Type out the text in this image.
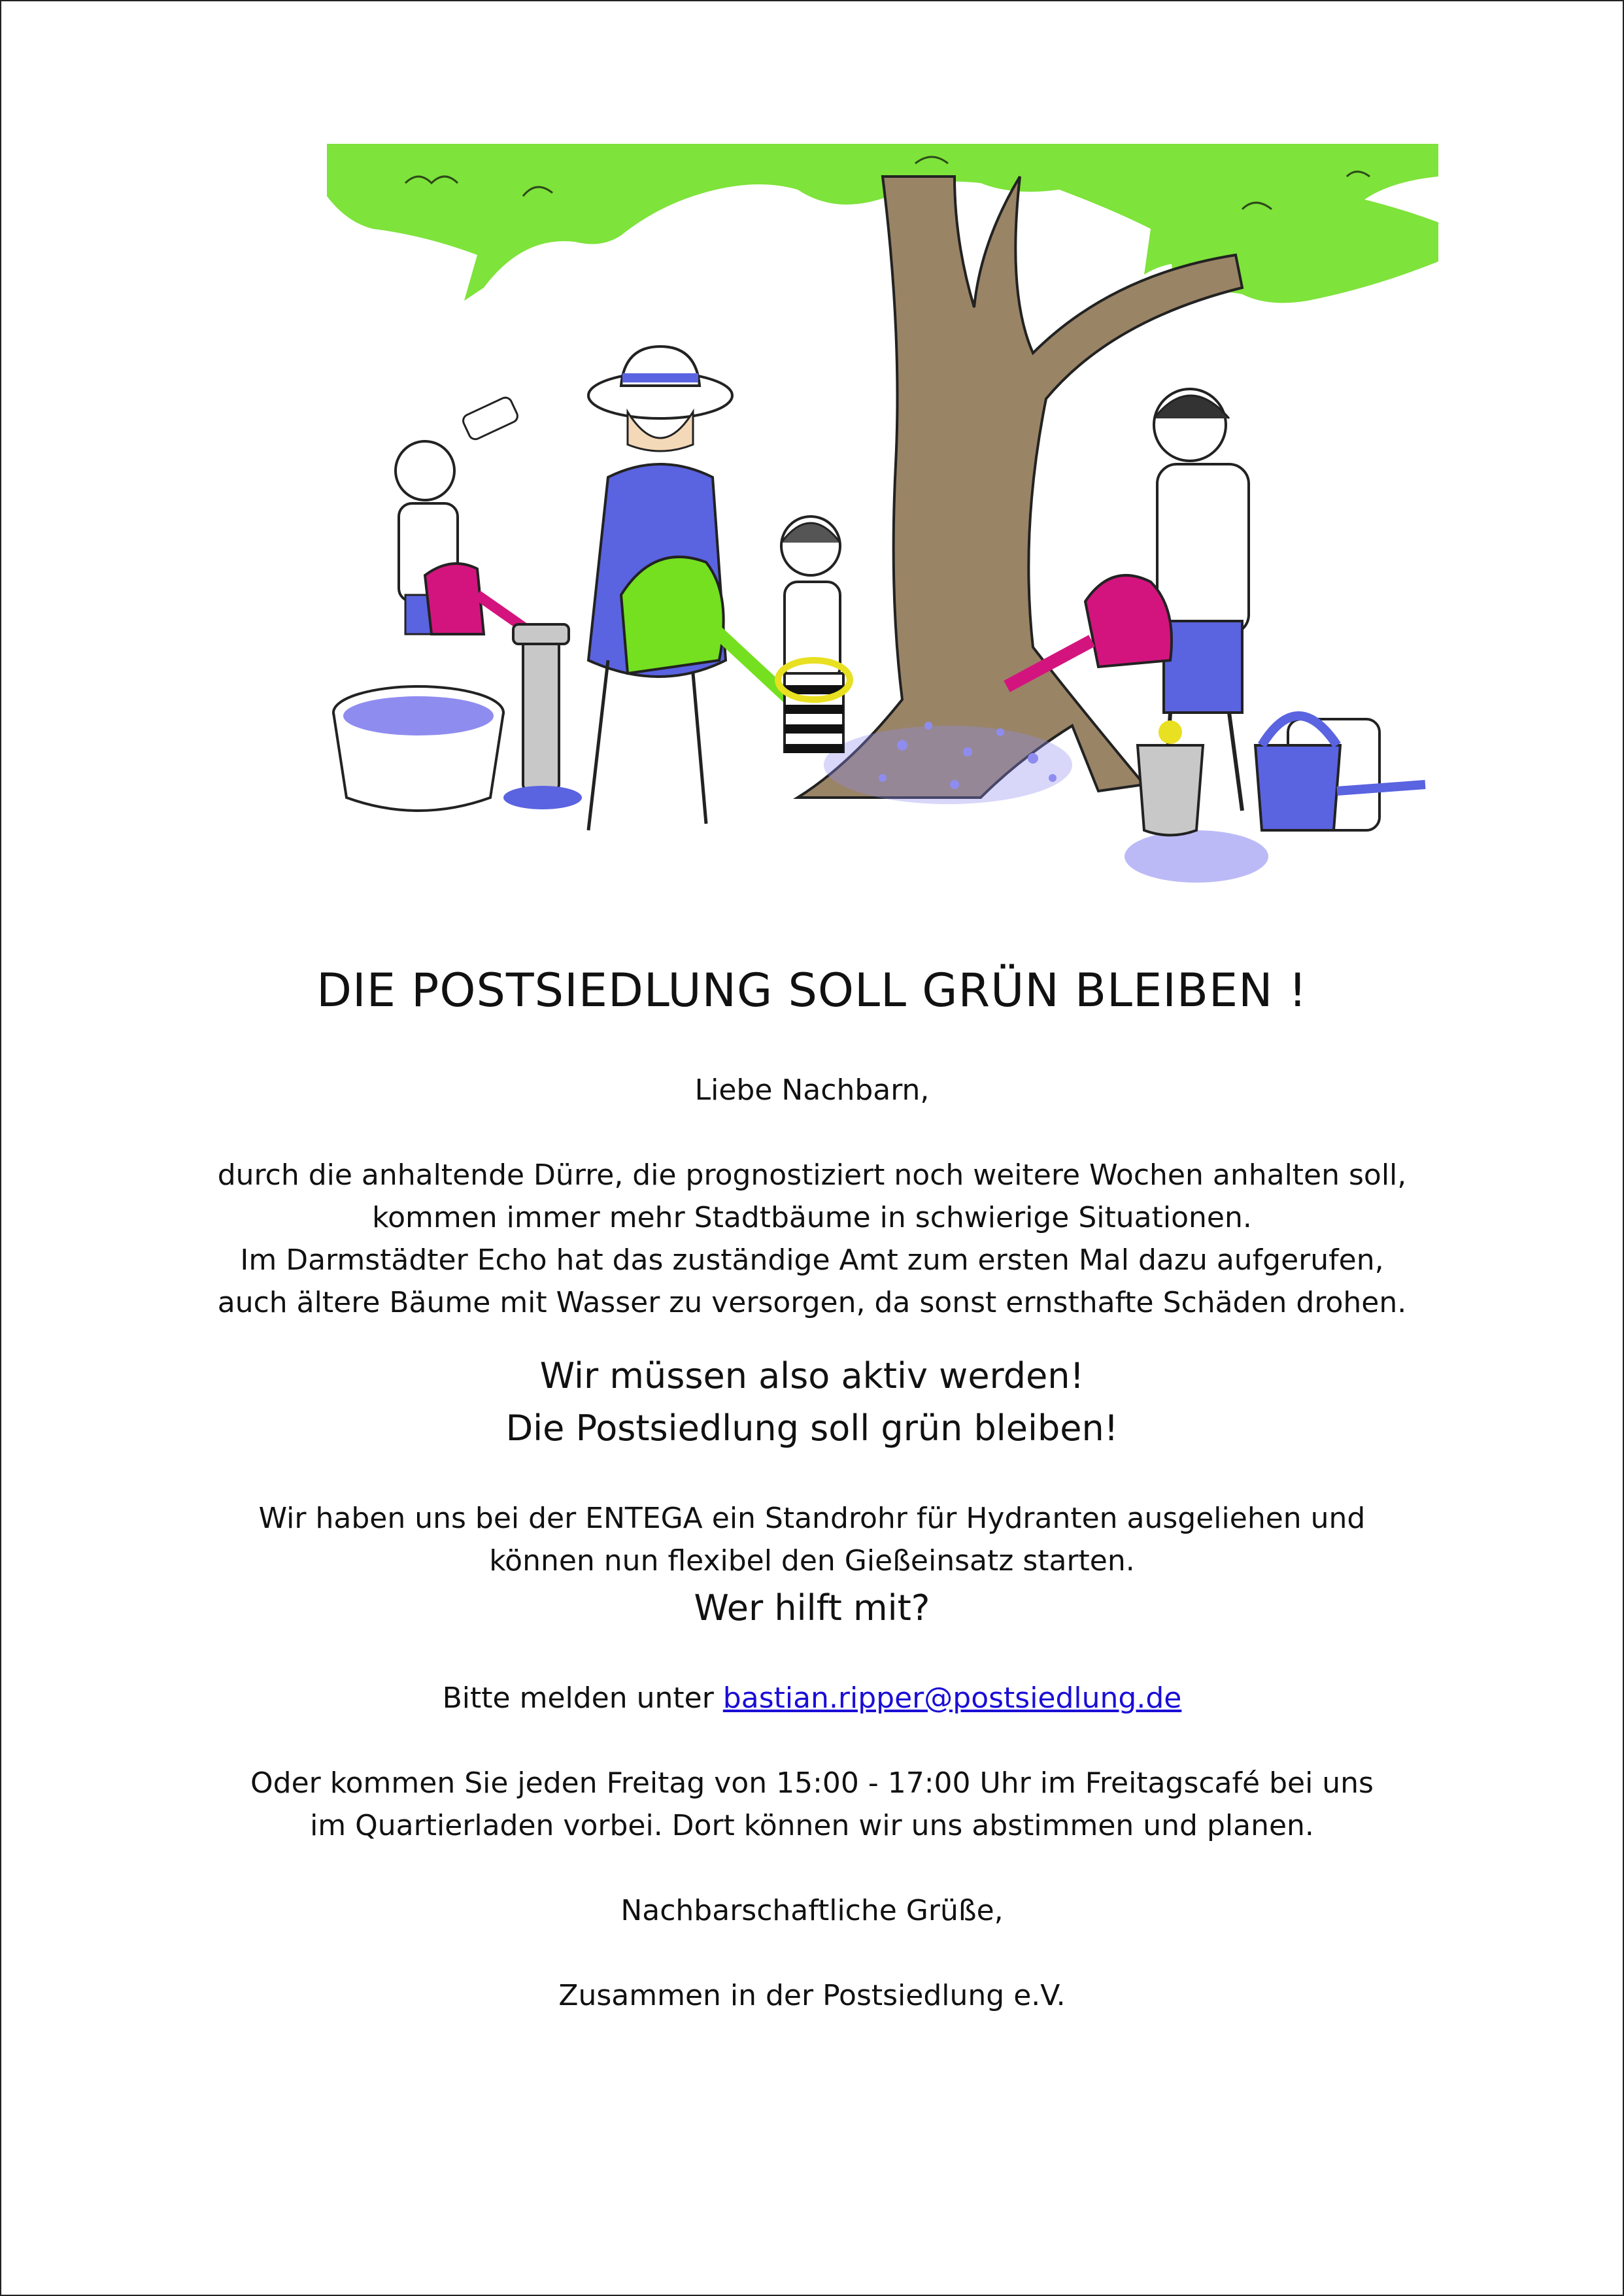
DIE POSTSIEDLUNG SOLL GRÜN BLEIBEN !

Liebe Nachbarn,

durch die anhaltende Dürre, die prognostiziert noch weitere Wochen anhalten soll,

kommen immer mehr Stadtbäume in schwierige Situationen.

Im Darmstädter Echo hat das zuständige Amt zum ersten Mal dazu aufgerufen,

auch ältere Bäume mit Wasser zu versorgen, da sonst ernsthafte Schäden drohen.

Wir müssen also aktiv werden!

Die Postsiedlung soll grün bleiben!

Wir haben uns bei der ENTEGA ein Standrohr für Hydranten ausgeliehen und

können nun flexibel den Gießeinsatz starten.

Wer hilft mit?

Bitte melden unter bastian.ripper@postsiedlung.de

Oder kommen Sie jeden Freitag von 15:00 - 17:00 Uhr im Freitagscafé bei uns

im Quartierladen vorbei. Dort können wir uns abstimmen und planen.

Nachbarschaftliche Grüße,

Zusammen in der Postsiedlung e.V.
